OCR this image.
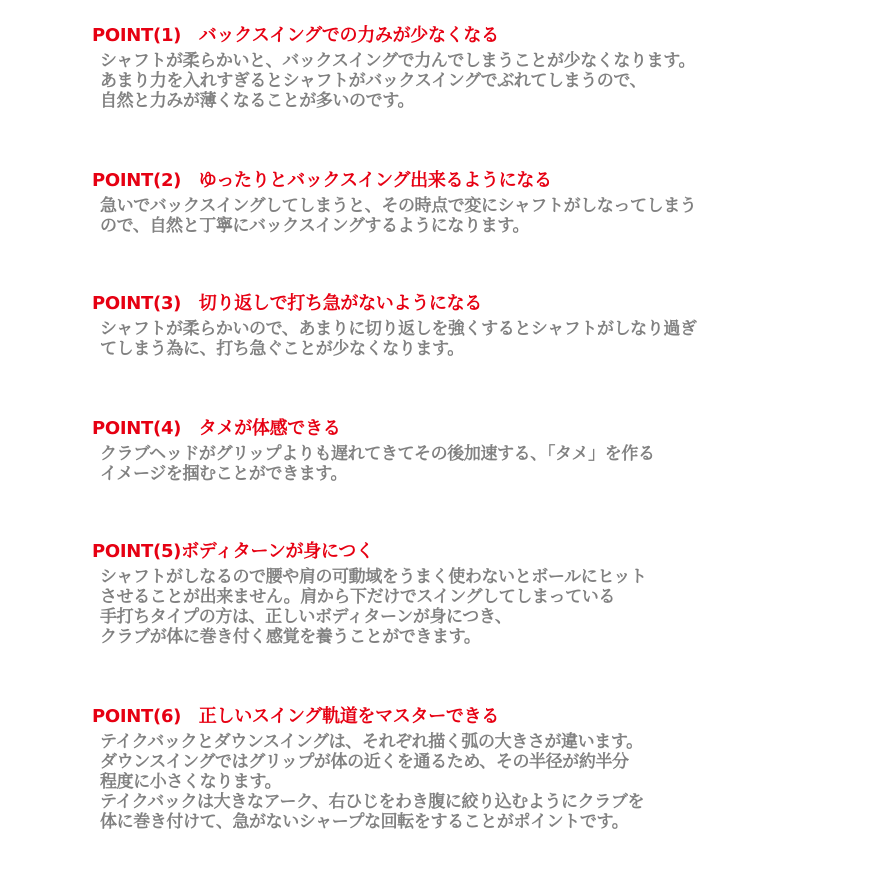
POINT(1)　バックスイングでの力みが少なくなる
シャフトが柔らかいと、バックスイングで力んでしまうことが少なくなります。
あまり力を入れすぎるとシャフトがバックスイングでぶれてしまうので、
自然と力みが薄くなることが多いのです。
POINT(2)　ゆったりとバックスイング出来るようになる
急いでバックスイングしてしまうと、その時点で変にシャフトがしなってしまう
ので、自然と丁寧にバックスイングするようになります。
POINT(3)　切り返しで打ち急がないようになる
シャフトが柔らかいので、あまりに切り返しを強くするとシャフトがしなり過ぎ
てしまう為に、打ち急ぐことが少なくなります。
POINT(4)　タメが体感できる
クラブヘッドがグリップよりも遅れてきてその後加速する、「タメ」を作る
イメージを掴むことができます。
POINT(5)ボディターンが身につく
シャフトがしなるので腰や肩の可動域をうまく使わないとボールにヒット
させることが出来ません。肩から下だけでスイングしてしまっている
手打ちタイプの方は、正しいボディターンが身につき、
クラブが体に巻き付く感覚を養うことができます。
POINT(6)　正しいスイング軌道をマスターできる
テイクバックとダウンスイングは、それぞれ描く弧の大きさが違います。
ダウンスイングではグリップが体の近くを通るため、その半径が約半分
程度に小さくなります。
テイクバックは大きなアーク、右ひじをわき腹に絞り込むようにクラブを
体に巻き付けて、急がないシャープな回転をすることがポイントです。
